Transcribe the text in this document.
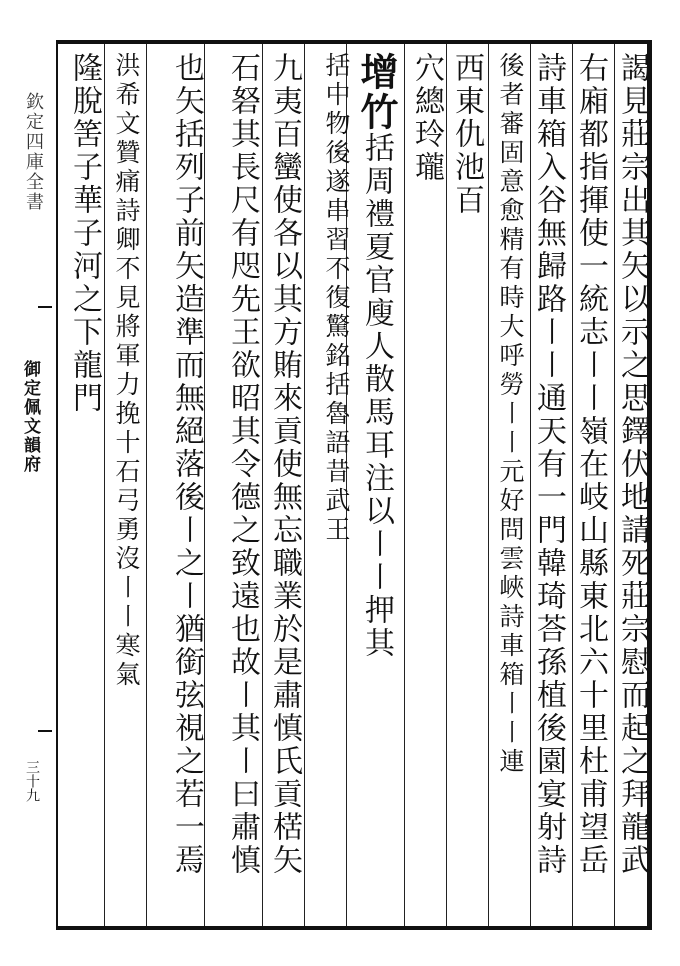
欽定四庫全書
御定佩文韻府
三十九	謁見莊宗出其矢以示之思鐸伏地請死莊宗慰而起之拜龍武
右廂都指揮使一統志〡〡嶺在岐山縣東北六十里杜甫望岳
詩車箱入谷無歸路〡〡通天有一門韓琦荅孫植後園宴射詩
後者審固意愈精有時大呼勞〡〡元好問雲峽詩車箱〡〡連
西東仇池百
穴總玲瓏
增竹括周禮夏官廋人散馬耳注以〡〡押其
括中物後遂串習不復驚銘括魯語昔武王
九夷百蠻使各以其方賄來貢使無忘職業於是肅慎氏貢楛矢
石砮其長尺有咫先王欲昭其令德之致遠也故〡其〡曰肅慎
也矢括列子前矢造準而無絕落後〡之〡猶銜弦視之若一焉
洪希文贊痛詩卿不見將軍力挽十石弓勇沒〡〡寒氣
隆脫筈子華子河之下龍門
